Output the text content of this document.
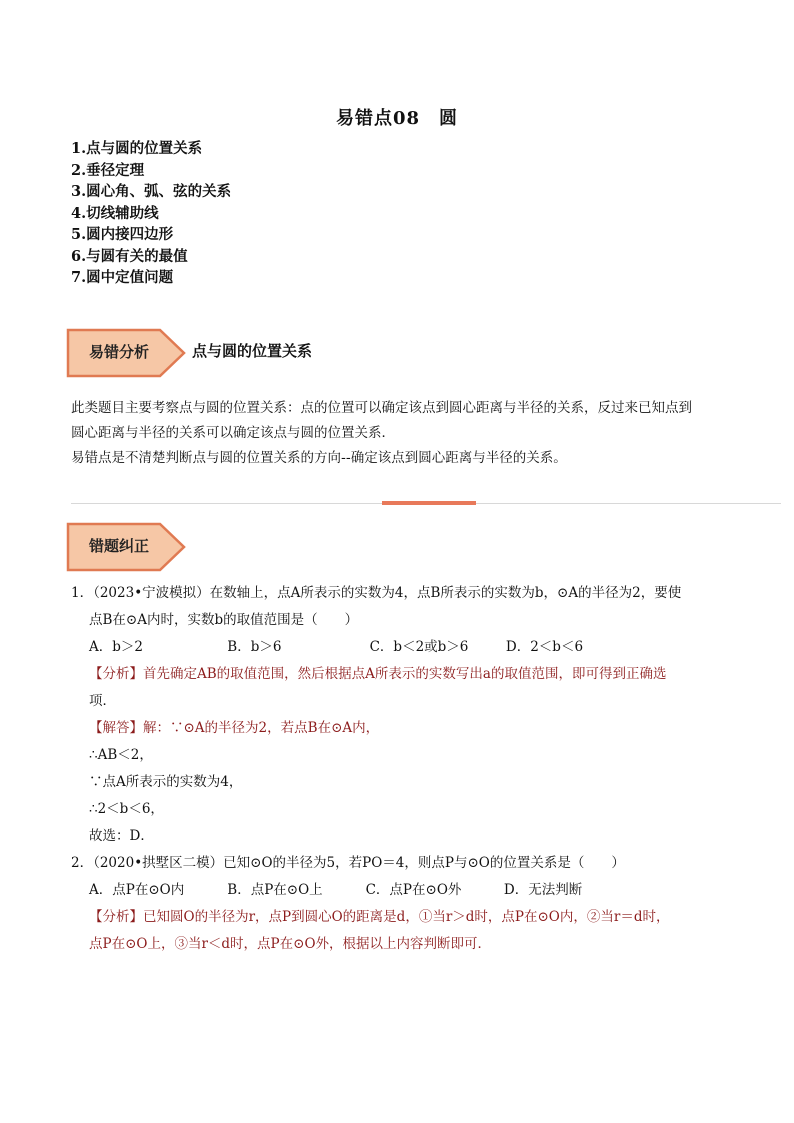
易错点08　圆
1.点与圆的位置关系
2.垂径定理
3.圆心角、弧、弦的关系
4.切线辅助线
5.圆内接四边形
6.与圆有关的最值
7.圆中定值问题
易错分析	点与圆的位置关系
此类题目主要考察点与圆的位置关系：点的位置可以确定该点到圆心距离与半径的关系，反过来已知点到
圆心距离与半径的关系可以确定该点与圆的位置关系．
易错点是不清楚判断点与圆的位置关系的方向--确定该点到圆心距离与半径的关系。
错题纠正
1．（2023•宁波模拟）在数轴上，点A所表示的实数为4，点B所表示的实数为b，⊙A的半径为2，要使
点B在⊙A内时，实数b的取值范围是（　　）
A．b＞2	B．b＞6	C．b＜2或b＞6	D．2＜b＜6
【分析】首先确定AB的取值范围，然后根据点A所表示的实数写出a的取值范围，即可得到正确选
项．
【解答】解：∵⊙A的半径为2，若点B在⊙A内，
∴AB＜2，
∵点A所表示的实数为4，
∴2＜b＜6，
故选：D．
2．（2020•拱墅区二模）已知⊙O的半径为5，若PO＝4，则点P与⊙O的位置关系是（　　）
A．点P在⊙O内	B．点P在⊙O上	C．点P在⊙O外	D．无法判断
【分析】已知圆O的半径为r，点P到圆心O的距离是d，①当r＞d时，点P在⊙O内，②当r＝d时，
点P在⊙O上，③当r＜d时，点P在⊙O外，根据以上内容判断即可．
